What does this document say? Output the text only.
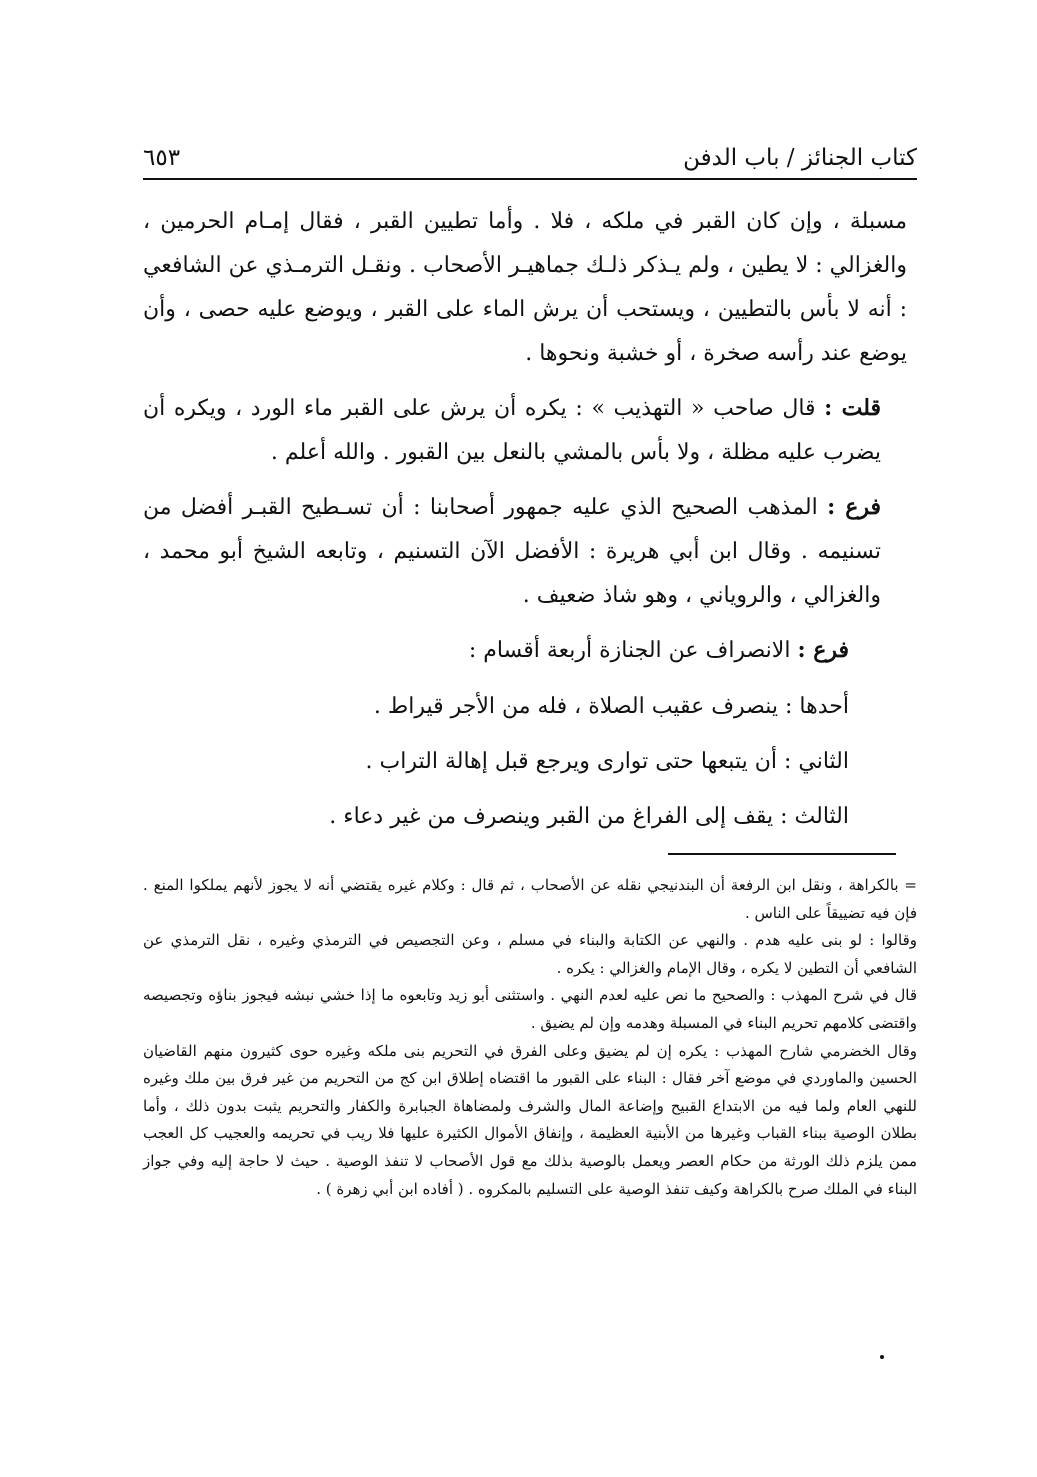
كتاب الجنائز / باب الدفن
٦٥٣

مسبلة ، وإن كان القبر في ملكه ، فلا . وأما تطيين القبر ، فقال إمـام الحرمين ، والغزالي : لا يطين ، ولم يـذكر ذلـك جماهيـر الأصحاب . ونقـل الترمـذي عن الشافعي : أنه لا بأس بالتطيين ، ويستحب أن يرش الماء على القبر ، ويوضع عليه حصى ، وأن يوضع عند رأسه صخرة ، أو خشبة ونحوها .

قلت : قال صاحب « التهذيب » : يكره أن يرش على القبر ماء الورد ، ويكره أن يضرب عليه مظلة ، ولا بأس بالمشي بالنعل بين القبور . والله أعلم .

فرع : المذهب الصحيح الذي عليه جمهور أصحابنا : أن تسـطيح القبـر أفضل من تسنيمه . وقال ابن أبي هريرة : الأفضل الآن التسنيم ، وتابعه الشيخ أبو محمد ، والغزالي ، والروياني ، وهو شاذ ضعيف .

فرع : الانصراف عن الجنازة أربعة أقسام :

أحدها : ينصرف عقيب الصلاة ، فله من الأجر قيراط .

الثاني : أن يتبعها حتى توارى ويرجع قبل إهالة التراب .

الثالث : يقف إلى الفراغ من القبر وينصرف من غير دعاء .

= بالكراهة ، ونقل ابن الرفعة أن البندنيجي نقله عن الأصحاب ، ثم قال : وكلام غيره يقتضي أنه لا يجوز لأنهم يملكوا المنع . فإن فيه تضييقاً على الناس .

وقالوا : لو بنى عليه هدم . والنهي عن الكتابة والبناء في مسلم ، وعن التجصيص في الترمذي وغيره ، نقل الترمذي عن الشافعي أن التطين لا يكره ، وقال الإمام والغزالي : يكره .

قال في شرح المهذب : والصحيح ما نص عليه لعدم النهي . واستثنى أبو زيد وتابعوه ما إذا خشي نبشه فيجوز بناؤه وتجصيصه واقتضى كلامهم تحريم البناء في المسبلة وهدمه وإن لم يضيق .

وقال الخضرمي شارح المهذب : يكره إن لم يضيق وعلى الفرق في التحريم بنى ملكه وغيره حوى كثيرون منهم القاضيان الحسين والماوردي في موضع آخر فقال : البناء على القبور ما اقتضاه إطلاق ابن كج من التحريم من غير فرق بين ملك وغيره للنهي العام ولما فيه من الابتداع القبيح وإضاعة المال والشرف ولمضاهاة الجبابرة والكفار والتحريم يثبت بدون ذلك ، وأما بطلان الوصية ببناء القباب وغيرها من الأبنية العظيمة ، وإنفاق الأموال الكثيرة عليها فلا ريب في تحريمه والعجيب كل العجب ممن يلزم ذلك الورثة من حكام العصر ويعمل بالوصية بذلك مع قول الأصحاب لا تنفذ الوصية . حيث لا حاجة إليه وفي جواز البناء في الملك صرح بالكراهة وكيف تنفذ الوصية على التسليم بالمكروه . ( أفاده ابن أبي زهرة ) .
